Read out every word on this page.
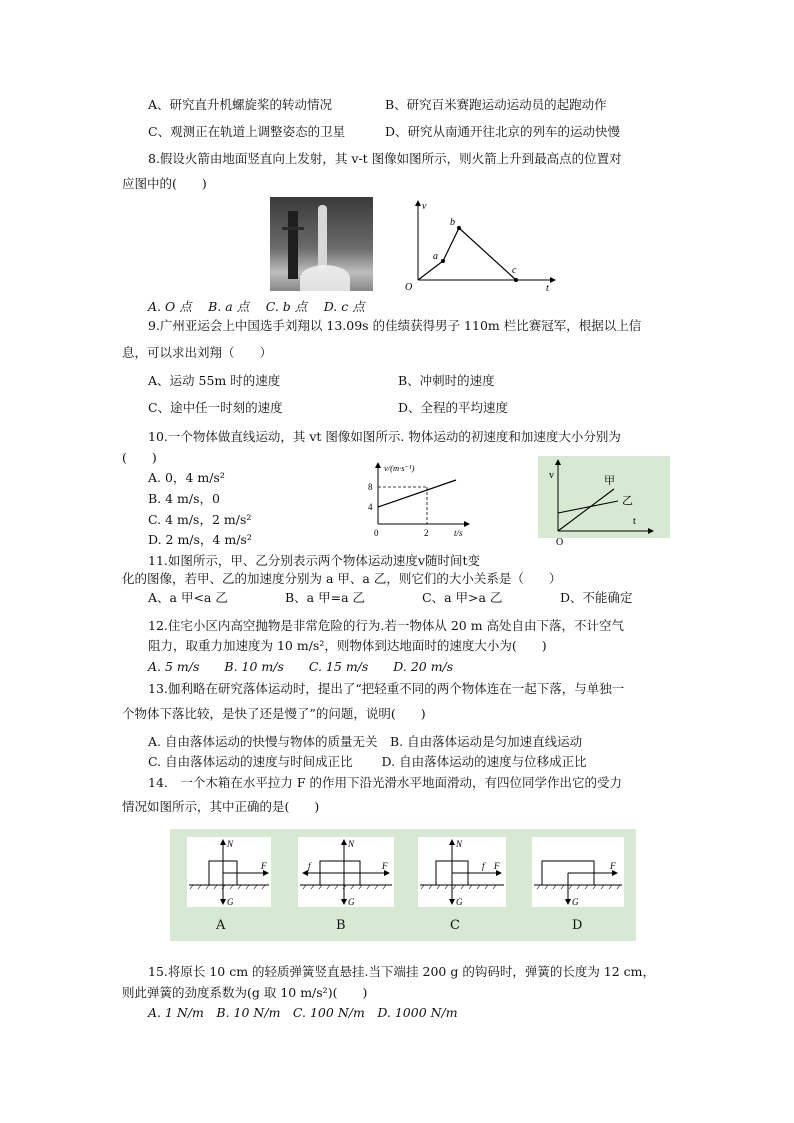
A、研究直升机螺旋桨的转动情况	B、研究百米赛跑运动运动员的起跑动作
C、观测正在轨道上调整姿态的卫星	D、研究从南通开往北京的列车的运动快慢
8.假设火箭由地面竖直向上发射，其 v-t 图像如图所示，则火箭上升到最高点的位置对
应图中的(　　)
v
t
O
a
b
c
A. O 点　 B. a 点　 C. b 点　 D. c 点
9.广州亚运会上中国选手刘翔以 13.09s 的佳绩获得男子 110m 栏比赛冠军，根据以上信
息，可以求出刘翔（　　）
A、运动 55m 时的速度	B、冲刺时的速度
C、途中任一时刻的速度	D、全程的平均速度
10.一个物体做直线运动，其 vt 图像如图所示. 物体运动的初速度和加速度大小分别为
(　　)
A. 0，4 m/s²
B. 4 m/s，0
C. 4 m/s，2 m/s²
D. 2 m/s，4 m/s²
v/(m·s⁻¹)
t/s
8
4
2
0
v
t
O
甲
乙
11.如图所示，甲、乙分别表示两个物体运动速度v随时间t变
化的图像，若甲、乙的加速度分别为 a 甲、a 乙，则它们的大小关系是（　　）
A、a 甲<a 乙	B、a 甲=a 乙	C、a 甲>a 乙	D、不能确定
12.住宅小区内高空抛物是非常危险的行为.若一物体从 20 m 高处自由下落，不计空气
阻力，取重力加速度为 10 m/s²，则物体到达地面时的速度大小为(　　)
A. 5 m/s　　B. 10 m/s　　C. 15 m/s　　D. 20 m/s
13.伽利略在研究落体运动时，提出了“把轻重不同的两个物体连在一起下落，与单独一
个物体下落比较，是快了还是慢了”的问题，说明(　　)
A. 自由落体运动的快慢与物体的质量无关　B. 自由落体运动是匀加速直线运动
C. 自由落体运动的速度与时间成正比　　 D. 自由落体运动的速度与位移成正比
14.　一个木箱在水平拉力 F 的作用下沿光滑水平地面滑动，有四位同学作出它的受力
情况如图所示，其中正确的是(　　)
N
G
F
A
N
G
F
f
B
N
G
f F
C
G
F
D
15.将原长 10 cm 的轻质弹簧竖直悬挂.当下端挂 200 g 的钩码时，弹簧的长度为 12 cm，
则此弹簧的劲度系数为(g 取 10 m/s²)(　　)
A. 1 N/m　B. 10 N/m　C. 100 N/m　D. 1000 N/m
